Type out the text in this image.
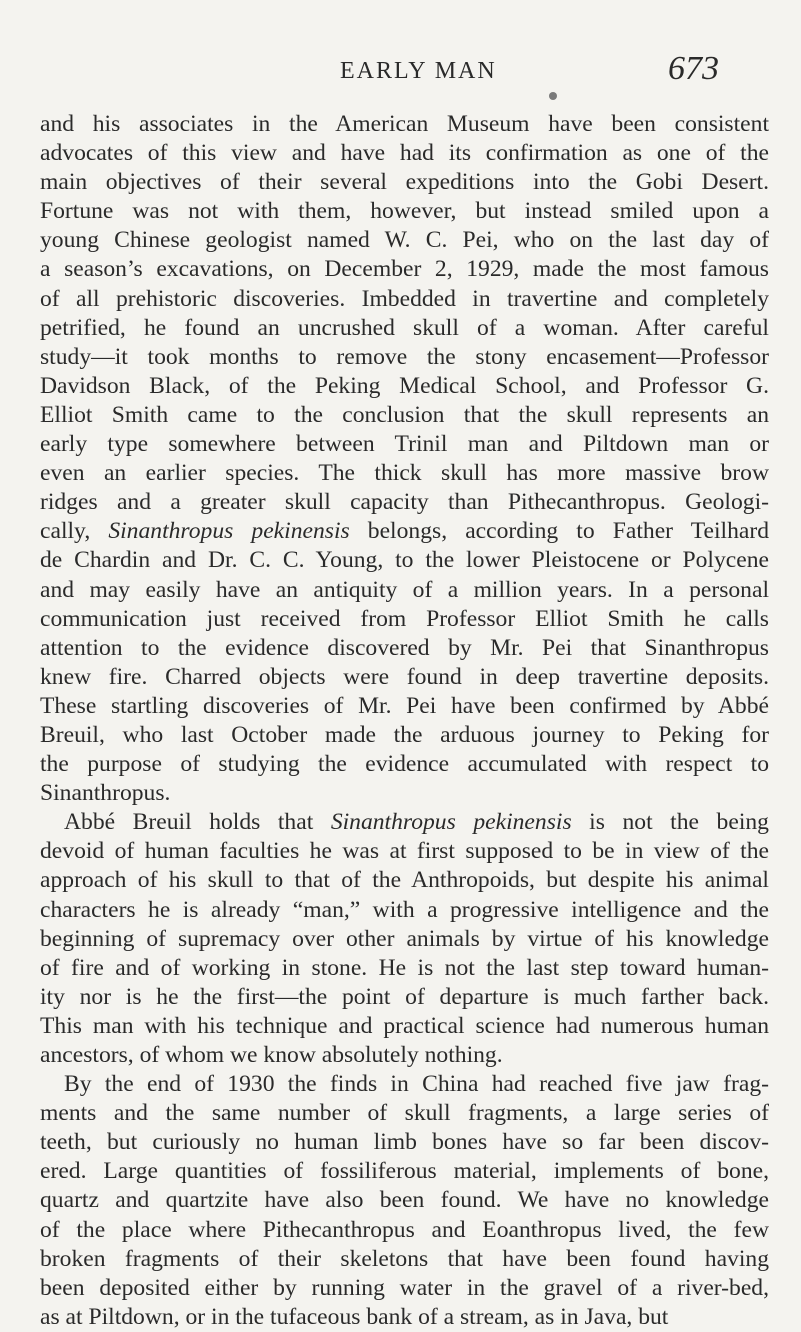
EARLY MAN	673
and his associates in the American Museum have been consistent
advocates of this view and have had its confirmation as one of the
main objectives of their several expeditions into the Gobi Desert.
Fortune was not with them, however, but instead smiled upon a
young Chinese geologist named W. C. Pei, who on the last day of
a season’s excavations, on December 2, 1929, made the most famous
of all prehistoric discoveries. Imbedded in travertine and completely
petrified, he found an uncrushed skull of a woman. After careful
study—it took months to remove the stony encasement—Professor
Davidson Black, of the Peking Medical School, and Professor G.
Elliot Smith came to the conclusion that the skull represents an
early type somewhere between Trinil man and Piltdown man or
even an earlier species. The thick skull has more massive brow
ridges and a greater skull capacity than Pithecanthropus. Geologi-
cally, Sinanthropus pekinensis belongs, according to Father Teilhard
de Chardin and Dr. C. C. Young, to the lower Pleistocene or Polycene
and may easily have an antiquity of a million years. In a personal
communication just received from Professor Elliot Smith he calls
attention to the evidence discovered by Mr. Pei that Sinanthropus
knew fire. Charred objects were found in deep travertine deposits.
These startling discoveries of Mr. Pei have been confirmed by Abbé
Breuil, who last October made the arduous journey to Peking for
the purpose of studying the evidence accumulated with respect to
Sinanthropus.
Abbé Breuil holds that Sinanthropus pekinensis is not the being
devoid of human faculties he was at first supposed to be in view of the
approach of his skull to that of the Anthropoids, but despite his animal
characters he is already “man,” with a progressive intelligence and the
beginning of supremacy over other animals by virtue of his knowledge
of fire and of working in stone. He is not the last step toward human-
ity nor is he the first—the point of departure is much farther back.
This man with his technique and practical science had numerous human
ancestors, of whom we know absolutely nothing.
By the end of 1930 the finds in China had reached five jaw frag-
ments and the same number of skull fragments, a large series of
teeth, but curiously no human limb bones have so far been discov-
ered. Large quantities of fossiliferous material, implements of bone,
quartz and quartzite have also been found. We have no knowledge
of the place where Pithecanthropus and Eoanthropus lived, the few
broken fragments of their skeletons that have been found having
been deposited either by running water in the gravel of a river-bed,
as at Piltdown, or in the tufaceous bank of a stream, as in Java, but
